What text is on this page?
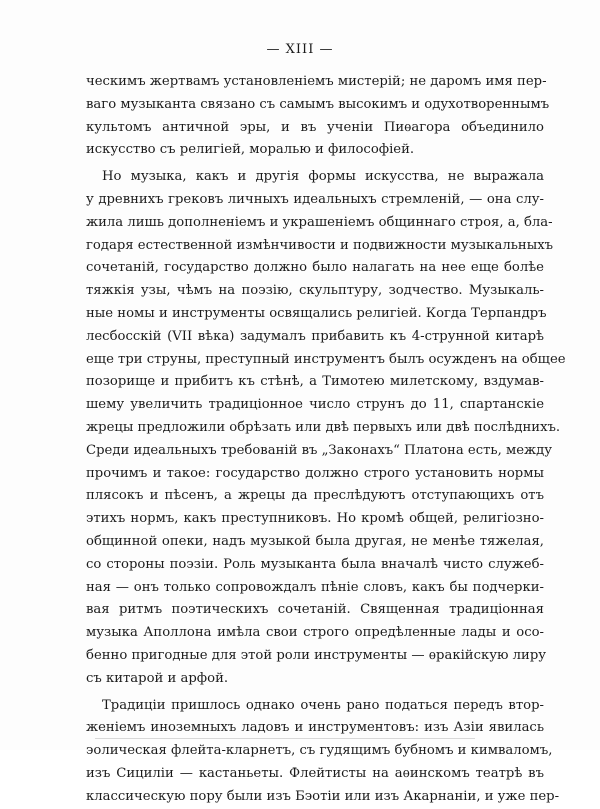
— XIII —
ческимъ жертвамъ установленіемъ мистерій; не даромъ имя пер-
ваго музыканта связано съ самымъ высокимъ и одухотвореннымъ
культомъ античной эры, и въ ученіи Пиѳагора объединило
искусство съ религіей, моралью и философіей.
Но музыка, какъ и другія формы искусства, не выражала
у древнихъ грековъ личныхъ идеальныхъ стремленій, — она слу-
жила лишь дополненіемъ и украшеніемъ общиннаго строя, а, бла-
годаря естественной измѣнчивости и подвижности музыкальныхъ
сочетаній, государство должно было налагать на нее еще болѣе
тяжкія узы, чѣмъ на поэзію, скульптуру, зодчество. Музыкаль-
ные номы и инструменты освящались религіей. Когда Терпандръ
лесбосскій (VII вѣка) задумалъ прибавить къ 4-струнной китарѣ
еще три струны, преступный инструментъ былъ осужденъ на общее
позорище и прибитъ къ стѣнѣ, а Тимотею милетскому, вздумав-
шему увеличить традиціонное число струнъ до 11, спартанскіе
жрецы предложили обрѣзать или двѣ первыхъ или двѣ послѣднихъ.
Среди идеальныхъ требованій въ „Законахъ“ Платона есть, между
прочимъ и такое: государство должно строго установить нормы
плясокъ и пѣсенъ, а жрецы да преслѣдуютъ отступающихъ отъ
этихъ нормъ, какъ преступниковъ. Но кромѣ общей, религіозно-
общинной опеки, надъ музыкой была другая, не менѣе тяжелая,
со стороны поэзіи. Роль музыканта была вначалѣ чисто служеб-
ная — онъ только сопровождалъ пѣніе словъ, какъ бы подчерки-
вая ритмъ поэтическихъ сочетаній. Священная традиціонная
музыка Аполлона имѣла свои строго опредѣленные лады и осо-
бенно пригодные для этой роли инструменты — ѳракійскую лиру
съ китарой и арфой.
Традиціи пришлось однако очень рано податься передъ втор-
женіемъ иноземныхъ ладовъ и инструментовъ: изъ Азіи явилась
эолическая флейта-кларнетъ, съ гудящимъ бубномъ и кимваломъ,
изъ Сициліи — кастаньеты. Флейтисты на аѳинскомъ театрѣ въ
классическую пору были изъ Бэотіи или изъ Акарнаніи, и уже пер-
